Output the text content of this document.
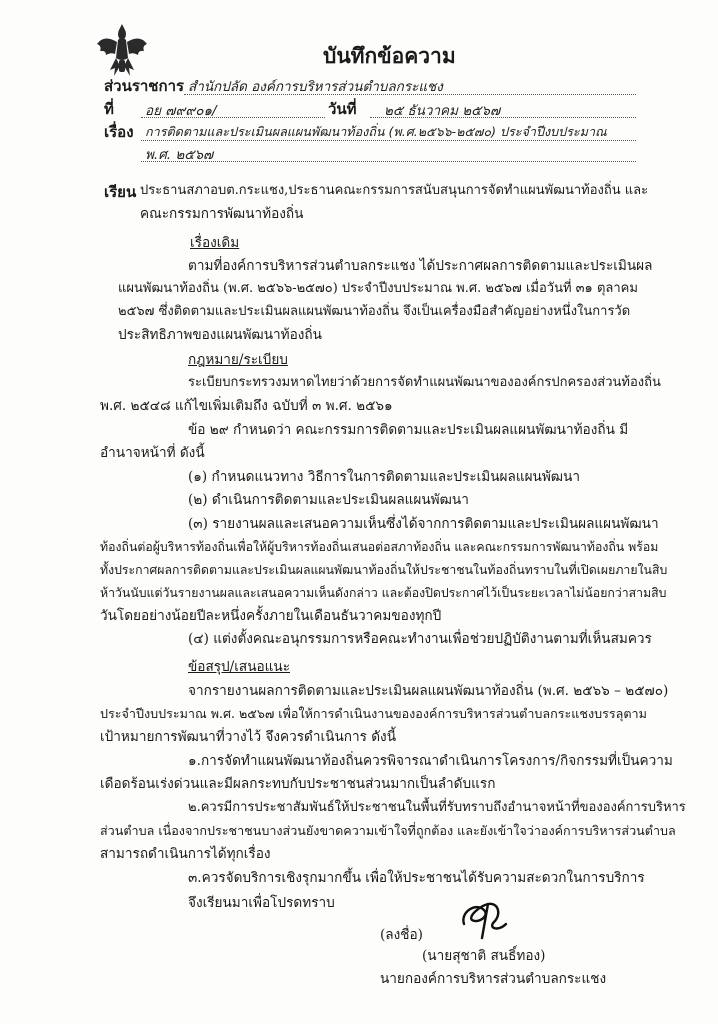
บันทึกข้อความ
ส่วนราชการ สำนักปลัด องค์การบริหารส่วนตำบลกระแชง
ที่ อย ๗๙๙๐๑/	วันที่ ๒๕ ธันวาคม ๒๕๖๗
เรื่อง การติดตามและประเมินผลแผนพัฒนาท้องถิ่น (พ.ศ.๒๕๖๖-๒๕๗๐) ประจำปีงบประมาณ
พ.ศ. ๒๕๖๗
เรียน ประธานสภาอบต.กระแชง,ประธานคณะกรรมการสนับสนุนการจัดทำแผนพัฒนาท้องถิ่น และ
คณะกรรมการพัฒนาท้องถิ่น
เรื่องเดิม
ตามที่องค์การบริหารส่วนตำบลกระแชง ได้ประกาศผลการติดตามและประเมินผล
แผนพัฒนาท้องถิ่น (พ.ศ. ๒๕๖๖-๒๕๗๐) ประจำปีงบประมาณ พ.ศ. ๒๕๖๗ เมื่อวันที่ ๓๑ ตุลาคม
๒๕๖๗ ซึ่งติดตามและประเมินผลแผนพัฒนาท้องถิ่น จึงเป็นเครื่องมือสำคัญอย่างหนึ่งในการวัด
ประสิทธิภาพของแผนพัฒนาท้องถิ่น
กฎหมาย/ระเบียบ
ระเบียบกระทรวงมหาดไทยว่าด้วยการจัดทำแผนพัฒนาขององค์กรปกครองส่วนท้องถิ่น
พ.ศ. ๒๕๔๘ แก้ไขเพิ่มเติมถึง ฉบับที่ ๓ พ.ศ. ๒๕๖๑
ข้อ ๒๙ กำหนดว่า คณะกรรมการติดตามและประเมินผลแผนพัฒนาท้องถิ่น มี
อำนาจหน้าที่ ดังนี้
(๑) กำหนดแนวทาง วิธีการในการติดตามและประเมินผลแผนพัฒนา
(๒) ดำเนินการติดตามและประเมินผลแผนพัฒนา
(๓) รายงานผลและเสนอความเห็นซึ่งได้จากการติดตามและประเมินผลแผนพัฒนา
ท้องถิ่นต่อผู้บริหารท้องถิ่นเพื่อให้ผู้บริหารท้องถิ่นเสนอต่อสภาท้องถิ่น และคณะกรรมการพัฒนาท้องถิ่น พร้อม
ทั้งประกาศผลการติดตามและประเมินผลแผนพัฒนาท้องถิ่นให้ประชาชนในท้องถิ่นทราบในที่เปิดเผยภายในสิบ
ห้าวันนับแต่วันรายงานผลและเสนอความเห็นดังกล่าว และต้องปิดประกาศไว้เป็นระยะเวลาไม่น้อยกว่าสามสิบ
วันโดยอย่างน้อยปีละหนึ่งครั้งภายในเดือนธันวาคมของทุกปี
(๔) แต่งตั้งคณะอนุกรรมการหรือคณะทำงานเพื่อช่วยปฏิบัติงานตามที่เห็นสมควร
ข้อสรุป/เสนอแนะ
จากรายงานผลการติดตามและประเมินผลแผนพัฒนาท้องถิ่น (พ.ศ. ๒๕๖๖ – ๒๕๗๐)
ประจำปีงบประมาณ พ.ศ. ๒๕๖๗ เพื่อให้การดำเนินงานขององค์การบริหารส่วนตำบลกระแชงบรรลุตาม
เป้าหมายการพัฒนาที่วางไว้ จึงควรดำเนินการ ดังนี้
๑.การจัดทำแผนพัฒนาท้องถิ่นควรพิจารณาดำเนินการโครงการ/กิจกรรมที่เป็นความ
เดือดร้อนเร่งด่วนและมีผลกระทบกับประชาชนส่วนมากเป็นลำดับแรก
๒.ควรมีการประชาสัมพันธ์ให้ประชาชนในพื้นที่รับทราบถึงอำนาจหน้าที่ขององค์การบริหาร
ส่วนตำบล เนื่องจากประชาชนบางส่วนยังขาดความเข้าใจที่ถูกต้อง และยังเข้าใจว่าองค์การบริหารส่วนตำบล
สามารถดำเนินการได้ทุกเรื่อง
๓.ควรจัดบริการเชิงรุกมากขึ้น เพื่อให้ประชาชนได้รับความสะดวกในการบริการ
จึงเรียนมาเพื่อโปรดทราบ
(ลงชื่อ)
(นายสุชาติ สนธิ์ทอง)
นายกองค์การบริหารส่วนตำบลกระแชง
